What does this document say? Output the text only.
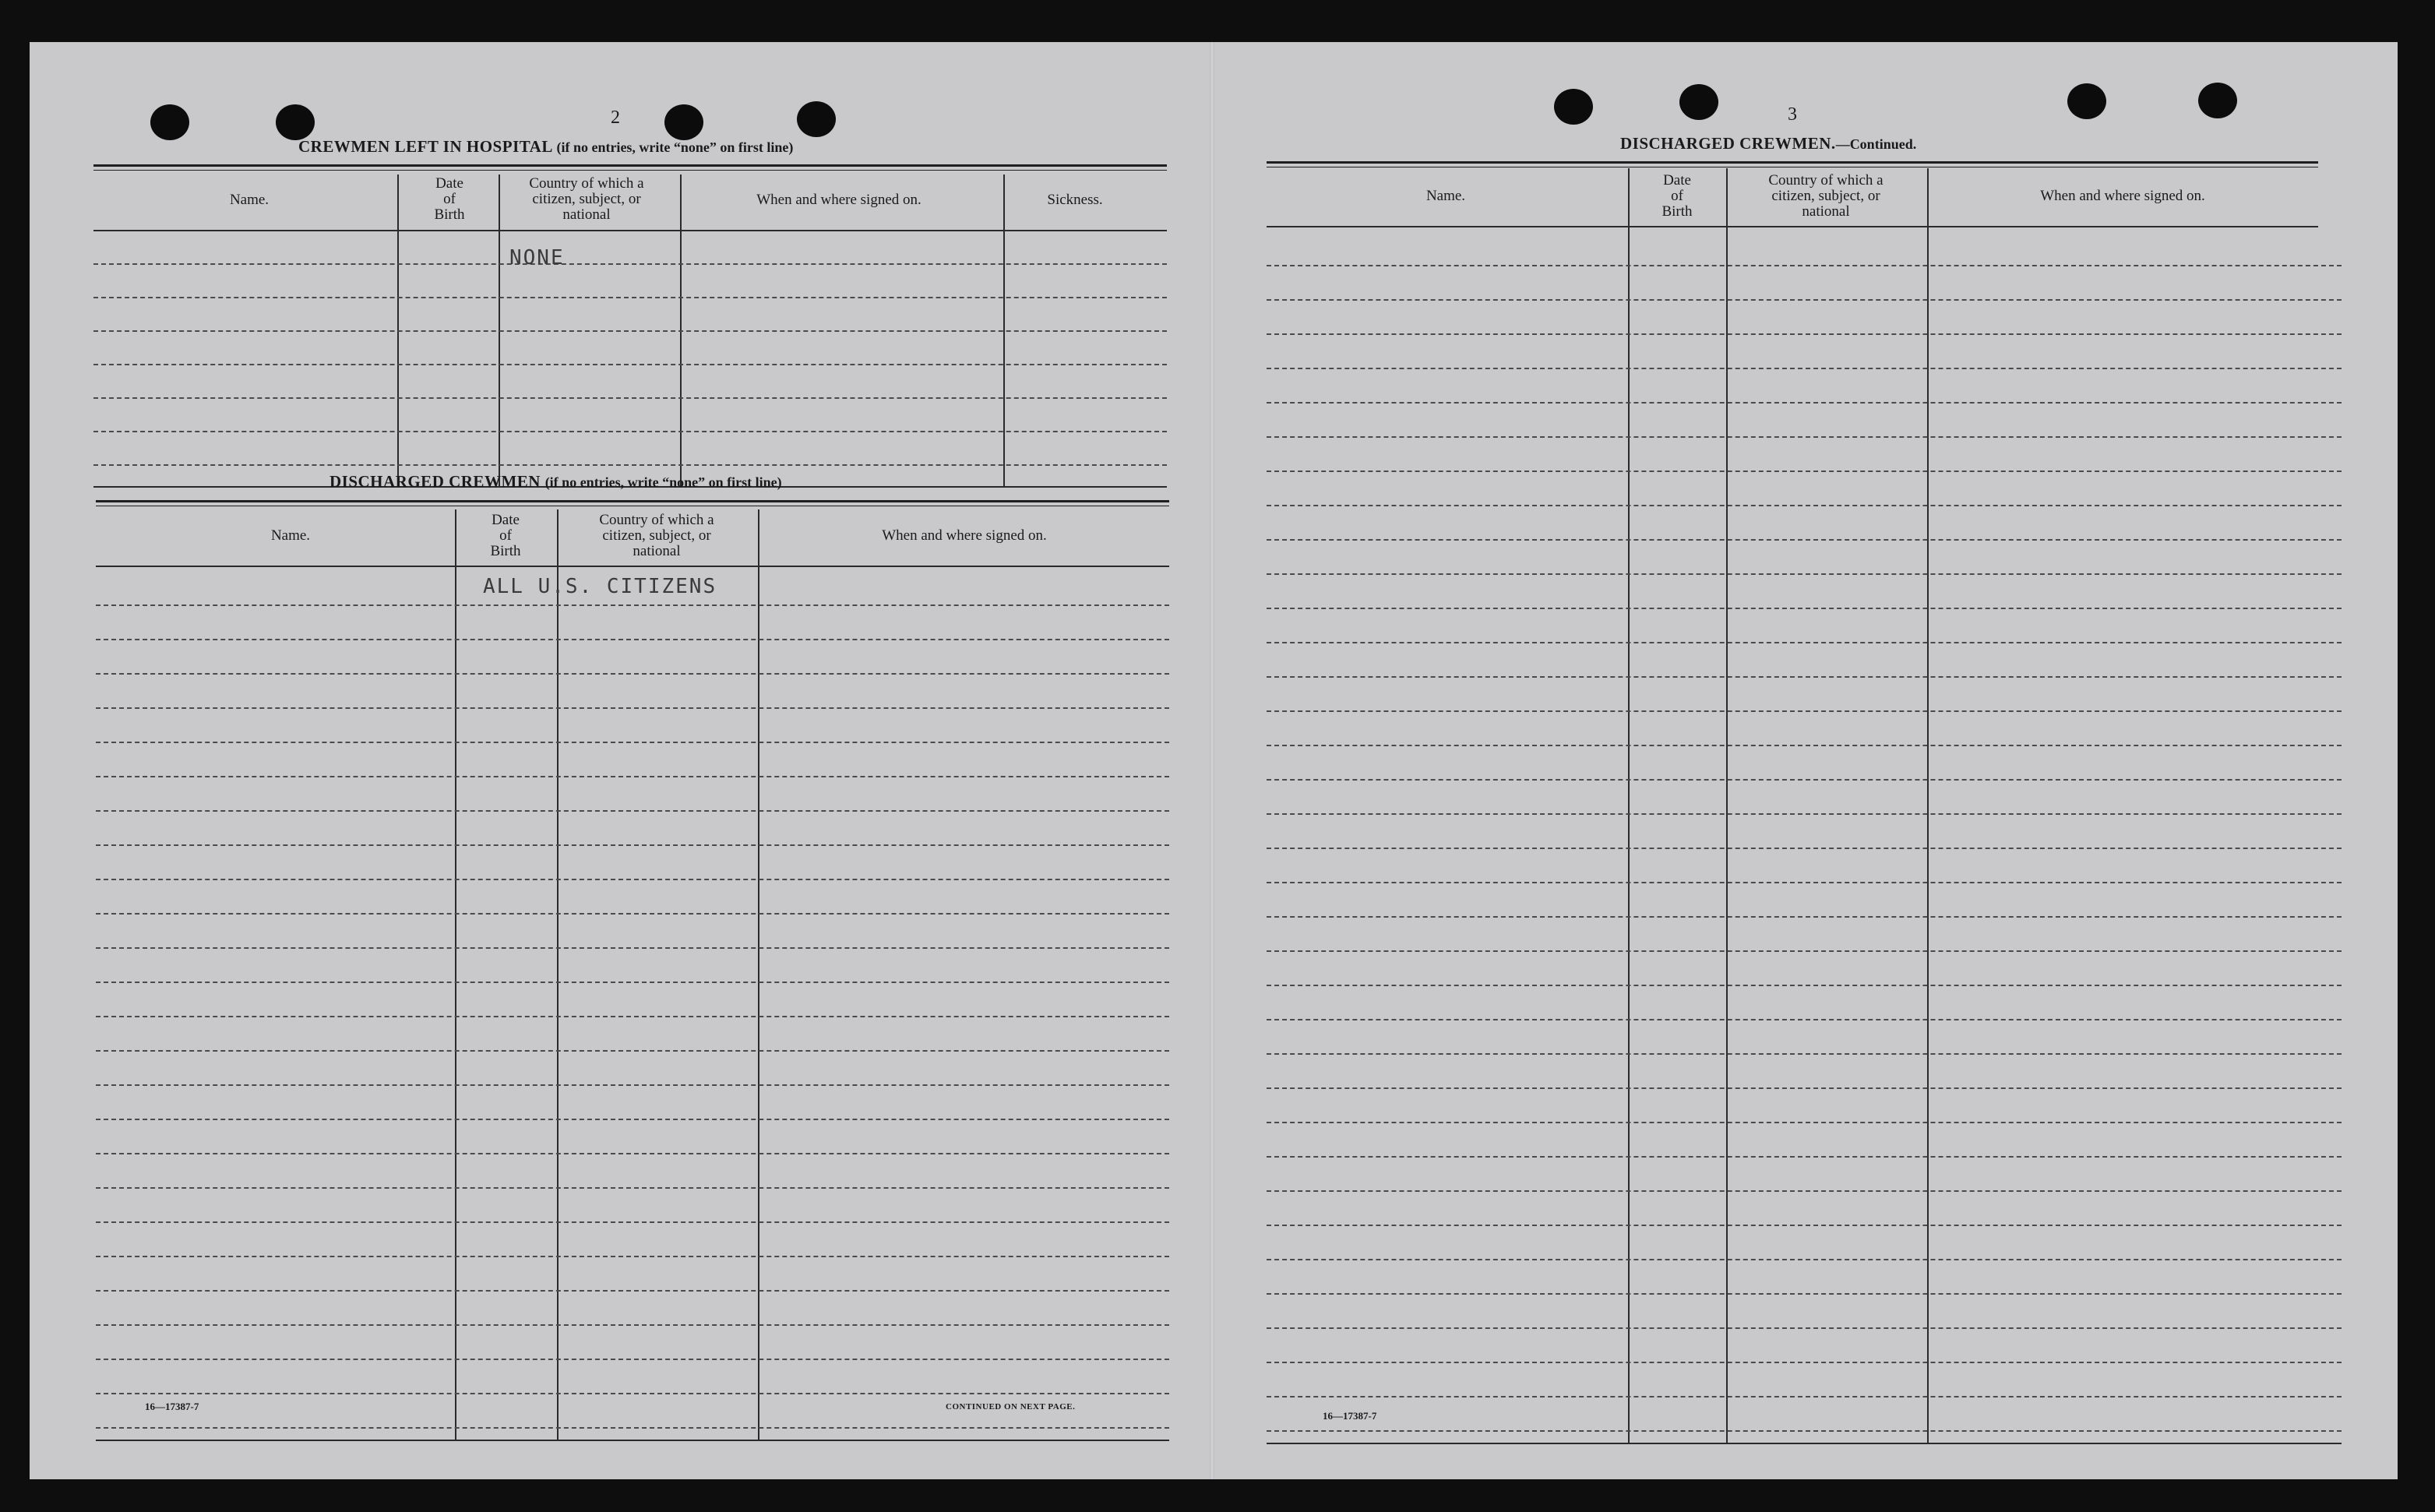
2
CREWMEN LEFT IN HOSPITAL (if no entries, write “none” on first line)
Name.
Date
of
Birth
Country of which a
citizen, subject, or
national
When and where signed on.	Sickness.
NONE
DISCHARGED CREWMEN (if no entries, write “none” on first line)
Name.
Date
of
Birth
Country of which a
citizen, subject, or
national
When and where signed on.
ALL U.S. CITIZENS
16—17387-7	CONTINUED ON NEXT PAGE.
3
DISCHARGED CREWMEN.—Continued.
Name.
Date
of
Birth
Country of which a
citizen, subject, or
national
When and where signed on.
16—17387-7
